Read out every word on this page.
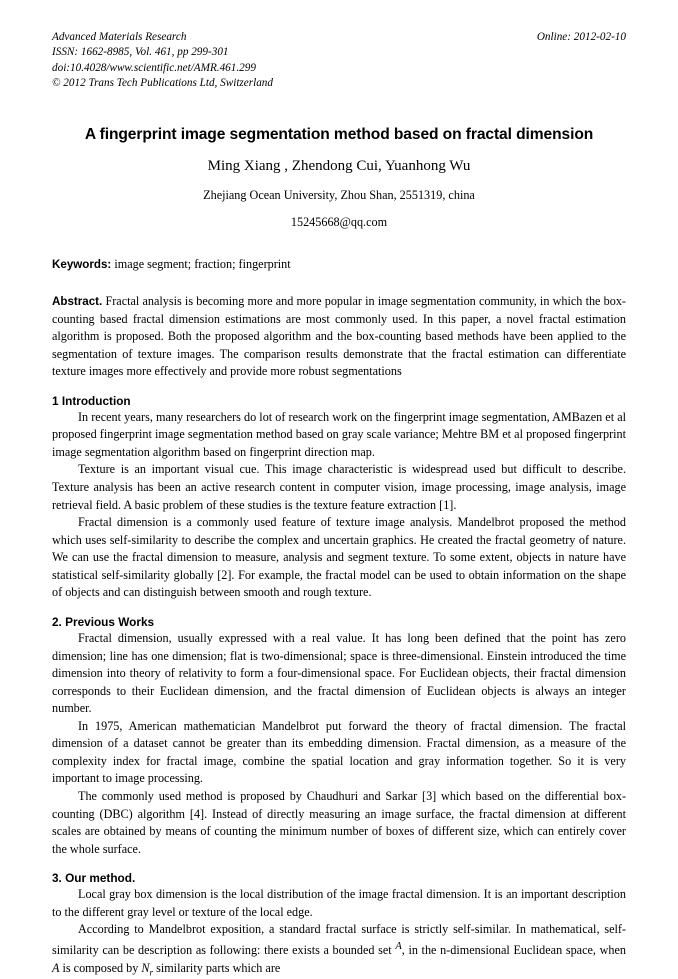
Advanced Materials Research
ISSN: 1662-8985, Vol. 461, pp 299-301
doi:10.4028/www.scientific.net/AMR.461.299
© 2012 Trans Tech Publications Ltd, Switzerland
Online: 2012-02-10
A fingerprint image segmentation method based on fractal dimension
Ming Xiang , Zhendong Cui, Yuanhong Wu
Zhejiang Ocean University, Zhou Shan, 2551319, china
15245668@qq.com
Keywords: image segment; fraction; fingerprint
Abstract. Fractal analysis is becoming more and more popular in image segmentation community, in which the box-counting based fractal dimension estimations are most commonly used. In this paper, a novel fractal estimation algorithm is proposed. Both the proposed algorithm and the box-counting based methods have been applied to the segmentation of texture images. The comparison results demonstrate that the fractal estimation can differentiate texture images more effectively and provide more robust segmentations
1 Introduction

In recent years, many researchers do lot of research work on the fingerprint image segmentation, AMBazen et al proposed fingerprint image segmentation method based on gray scale variance; Mehtre BM et al proposed fingerprint image segmentation algorithm based on fingerprint direction map.

Texture is an important visual cue. This image characteristic is widespread used but difficult to describe. Texture analysis has been an active research content in computer vision, image processing, image analysis, image retrieval field. A basic problem of these studies is the texture feature extraction [1].

Fractal dimension is a commonly used feature of texture image analysis. Mandelbrot proposed the method which uses self-similarity to describe the complex and uncertain graphics. He created the fractal geometry of nature. We can use the fractal dimension to measure, analysis and segment texture. To some extent, objects in nature have statistical self-similarity globally [2]. For example, the fractal model can be used to obtain information on the shape of objects and can distinguish between smooth and rough texture.

2. Previous Works

Fractal dimension, usually expressed with a real value. It has long been defined that the point has zero dimension; line has one dimension; flat is two-dimensional; space is three-dimensional. Einstein introduced the time dimension into theory of relativity to form a four-dimensional space. For Euclidean objects, their fractal dimension corresponds to their Euclidean dimension, and the fractal dimension of Euclidean objects is always an integer number.

In 1975, American mathematician Mandelbrot put forward the theory of fractal dimension. The fractal dimension of a dataset cannot be greater than its embedding dimension. Fractal dimension, as a measure of the complexity index for fractal image, combine the spatial location and gray information together. So it is very important to image processing.

The commonly used method is proposed by Chaudhuri and Sarkar [3] which based on the differential box-counting (DBC) algorithm [4]. Instead of directly measuring an image surface, the fractal dimension at different scales are obtained by means of counting the minimum number of boxes of different size, which can entirely cover the whole surface.

3. Our method.

Local gray box dimension is the local distribution of the image fractal dimension. It is an important description to the different gray level or texture of the local edge.

According to Mandelbrot exposition, a standard fractal surface is strictly self-similar. In mathematical, self-similarity can be description as following: there exists a bounded set A, in the n-dimensional Euclidean space, when A is composed by $N_r$ similarity parts which are
